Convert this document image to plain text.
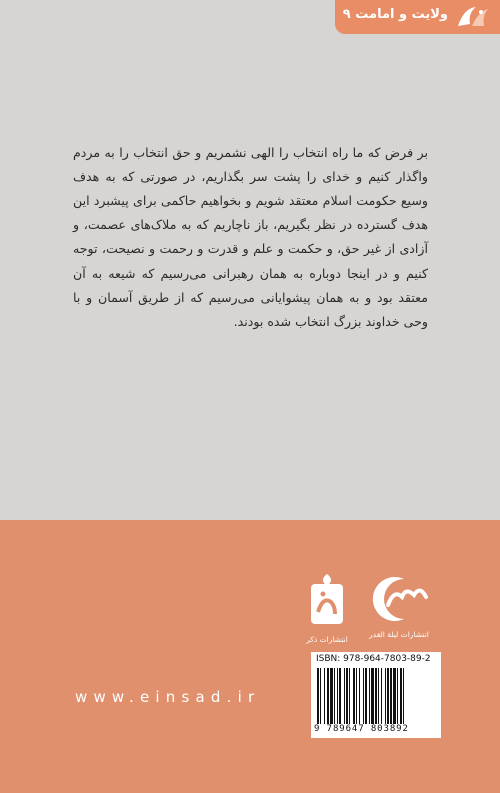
ولایت و امامت ۹

بر فرض که ما راه انتخاب را الهی نشمریم و حق انتخاب را به مردم واگذار کنیم و خدای را پشت سر بگذاریم، در صورتی که به هدف وسیع حکومت اسلام معتقد شویم و بخواهیم حاکمی برای پیشبرد این هدف گسترده در نظر بگیریم، باز ناچاریم که به ملاک‌های عصمت، و آزادی از غیر حق، و حکمت و علم و قدرت و رحمت و نصیحت، توجه کنیم و در اینجا دوباره به همان رهبرانی می‌رسیم که شیعه به آن معتقد بود و به همان پیشوایانی می‌رسیم که از طریق آسمان و با وحی خداوند بزرگ انتخاب شده بودند.

انتشارات لیلة القدر
انتشارات ذکر
www.einsad.ir
ISBN: 978-964-7803-89-2
9 789647 803892
